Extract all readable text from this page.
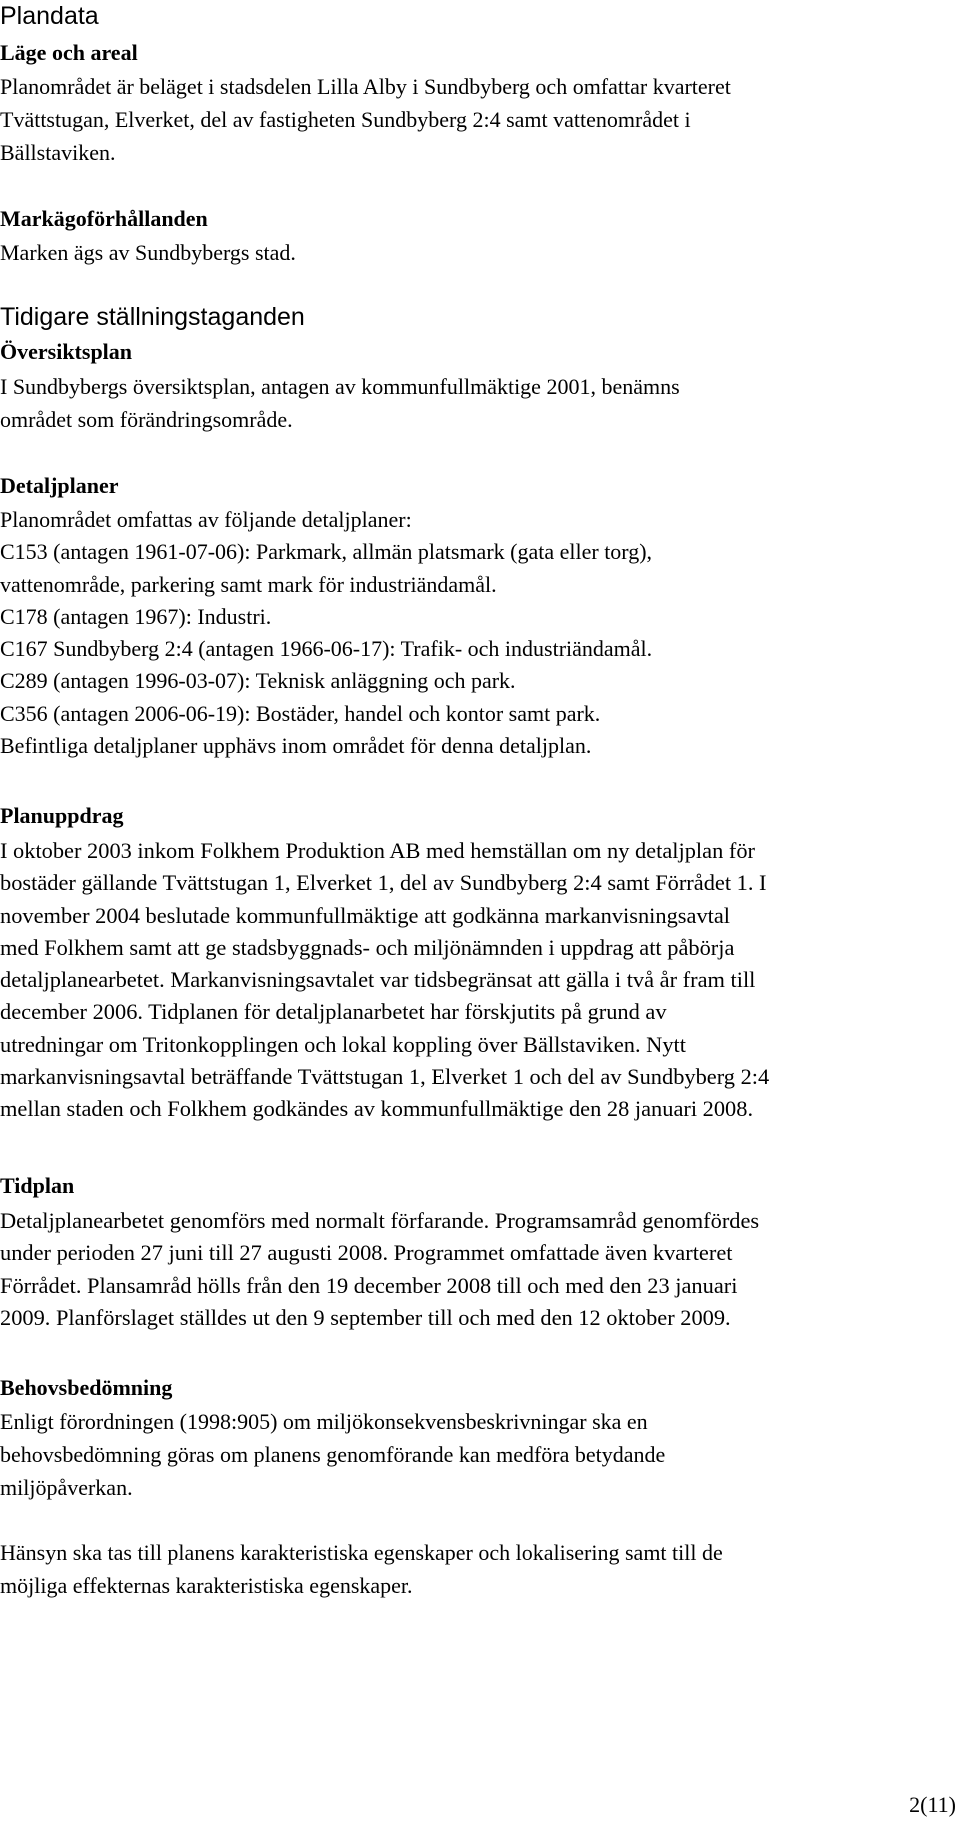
Plandata
Läge och areal

Planområdet är beläget i stadsdelen Lilla Alby i Sundbyberg och omfattar kvarteret
Tvättstugan, Elverket, del av fastigheten Sundbyberg 2:4 samt vattenområdet i
Bällstaviken.

Markägoförhållanden

Marken ägs av Sundbybergs stad.

Tidigare ställningstaganden
Översiktsplan

I Sundbybergs översiktsplan, antagen av kommunfullmäktige 2001, benämns
området som förändringsområde.

Detaljplaner

Planområdet omfattas av följande detaljplaner:
C153 (antagen 1961-07-06): Parkmark, allmän platsmark (gata eller torg),
vattenområde, parkering samt mark för industriändamål.
C178 (antagen 1967): Industri.
C167 Sundbyberg 2:4 (antagen 1966-06-17): Trafik- och industriändamål.
C289 (antagen 1996-03-07): Teknisk anläggning och park.
C356 (antagen 2006-06-19): Bostäder, handel och kontor samt park.
Befintliga detaljplaner upphävs inom området för denna detaljplan.

Planuppdrag

I oktober 2003 inkom Folkhem Produktion AB med hemställan om ny detaljplan för
bostäder gällande Tvättstugan 1, Elverket 1, del av Sundbyberg 2:4 samt Förrådet 1. I
november 2004 beslutade kommunfullmäktige att godkänna markanvisningsavtal
med Folkhem samt att ge stadsbyggnads- och miljönämnden i uppdrag att påbörja
detaljplanearbetet. Markanvisningsavtalet var tidsbegränsat att gälla i två år fram till
december 2006. Tidplanen för detaljplanarbetet har förskjutits på grund av
utredningar om Tritonkopplingen och lokal koppling över Bällstaviken. Nytt
markanvisningsavtal beträffande Tvättstugan 1, Elverket 1 och del av Sundbyberg 2:4
mellan staden och Folkhem godkändes av kommunfullmäktige den 28 januari 2008.

Tidplan

Detaljplanearbetet genomförs med normalt förfarande. Programsamråd genomfördes
under perioden 27 juni till 27 augusti 2008. Programmet omfattade även kvarteret
Förrådet. Plansamråd hölls från den 19 december 2008 till och med den 23 januari
2009. Planförslaget ställdes ut den 9 september till och med den 12 oktober 2009.

Behovsbedömning

Enligt förordningen (1998:905) om miljökonsekvensbeskrivningar ska en
behovsbedömning göras om planens genomförande kan medföra betydande
miljöpåverkan.

Hänsyn ska tas till planens karakteristiska egenskaper och lokalisering samt till de
möjliga effekternas karakteristiska egenskaper.

2(11)
